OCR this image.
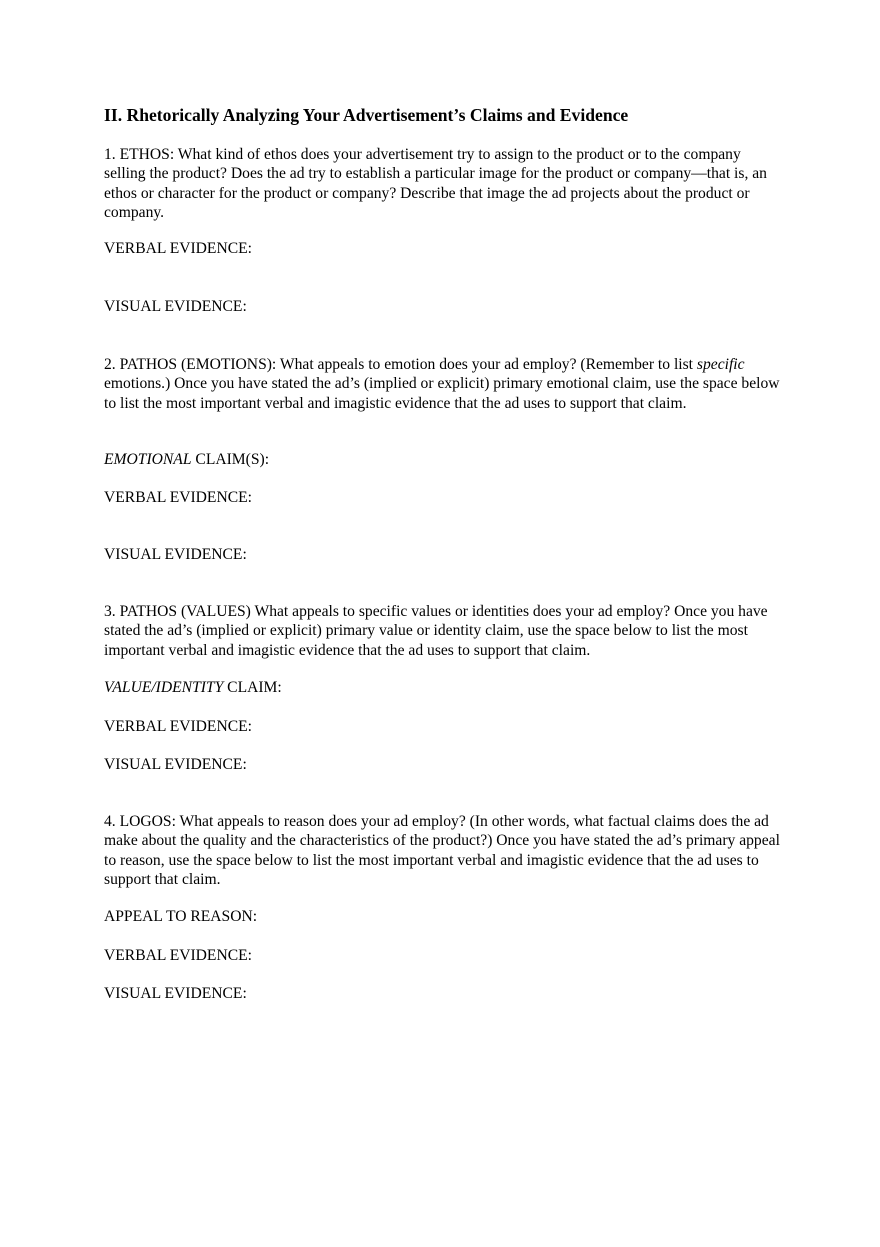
II. Rhetorically Analyzing Your Advertisement’s Claims and Evidence

1. ETHOS: What kind of ethos does your advertisement try to assign to the product or to the company selling the product? Does the ad try to establish a particular image for the product or company—that is, an ethos or character for the product or company? Describe that image the ad projects about the product or company.

VERBAL EVIDENCE:

VISUAL EVIDENCE:

2. PATHOS (EMOTIONS): What appeals to emotion does your ad employ? (Remember to list specific emotions.) Once you have stated the ad’s (implied or explicit) primary emotional claim, use the space below to list the most important verbal and imagistic evidence that the ad uses to support that claim.

EMOTIONAL CLAIM(S):

VERBAL EVIDENCE:

VISUAL EVIDENCE:

3. PATHOS (VALUES) What appeals to specific values or identities does your ad employ? Once you have stated the ad’s (implied or explicit) primary value or identity claim, use the space below to list the most important verbal and imagistic evidence that the ad uses to support that claim.

VALUE/IDENTITY CLAIM:

VERBAL EVIDENCE:

VISUAL EVIDENCE:

4. LOGOS: What appeals to reason does your ad employ? (In other words, what factual claims does the ad make about the quality and the characteristics of the product?) Once you have stated the ad’s primary appeal to reason, use the space below to list the most important verbal and imagistic evidence that the ad uses to support that claim.

APPEAL TO REASON:

VERBAL EVIDENCE:

VISUAL EVIDENCE:
